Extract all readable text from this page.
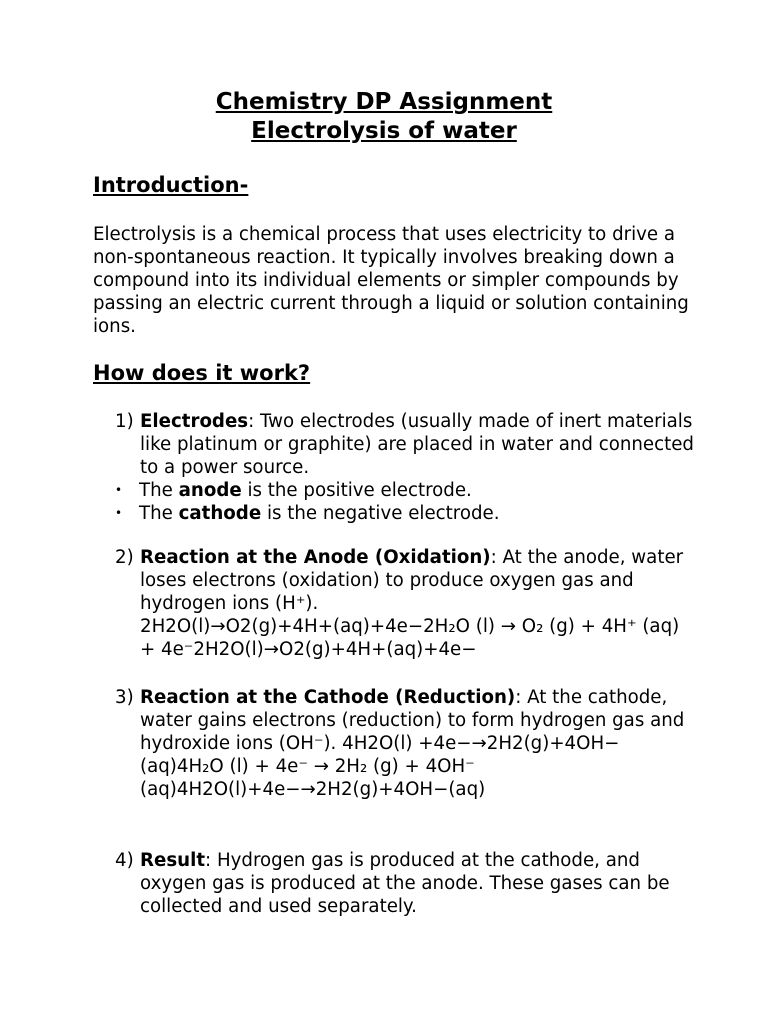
Chemistry DP Assignment
Electrolysis of water
Introduction-
Electrolysis is a chemical process that uses electricity to drive a non-spontaneous reaction. It typically involves breaking down a compound into its individual elements or simpler compounds by passing an electric current through a liquid or solution containing ions.
How does it work?
1) Electrodes: Two electrodes (usually made of inert materials like platinum or graphite) are placed in water and connected to a power source.
• The anode is the positive electrode.
• The cathode is the negative electrode.
2) Reaction at the Anode (Oxidation): At the anode, water loses electrons (oxidation) to produce oxygen gas and hydrogen ions (H⁺).
2H2O(l)→O2(g)+4H+(aq)+4e−2H₂O (l) → O₂ (g) + 4H⁺ (aq) + 4e⁻2H2O(l)→O2(g)+4H+(aq)+4e−
3) Reaction at the Cathode (Reduction): At the cathode, water gains electrons (reduction) to form hydrogen gas and hydroxide ions (OH⁻). 4H2O(l) +4e−→2H2(g)+4OH−(aq)4H₂O (l) + 4e⁻ → 2H₂ (g) + 4OH⁻ (aq)4H2O(l)+4e−→2H2(g)+4OH−(aq)
4) Result: Hydrogen gas is produced at the cathode, and oxygen gas is produced at the anode. These gases can be collected and used separately.
